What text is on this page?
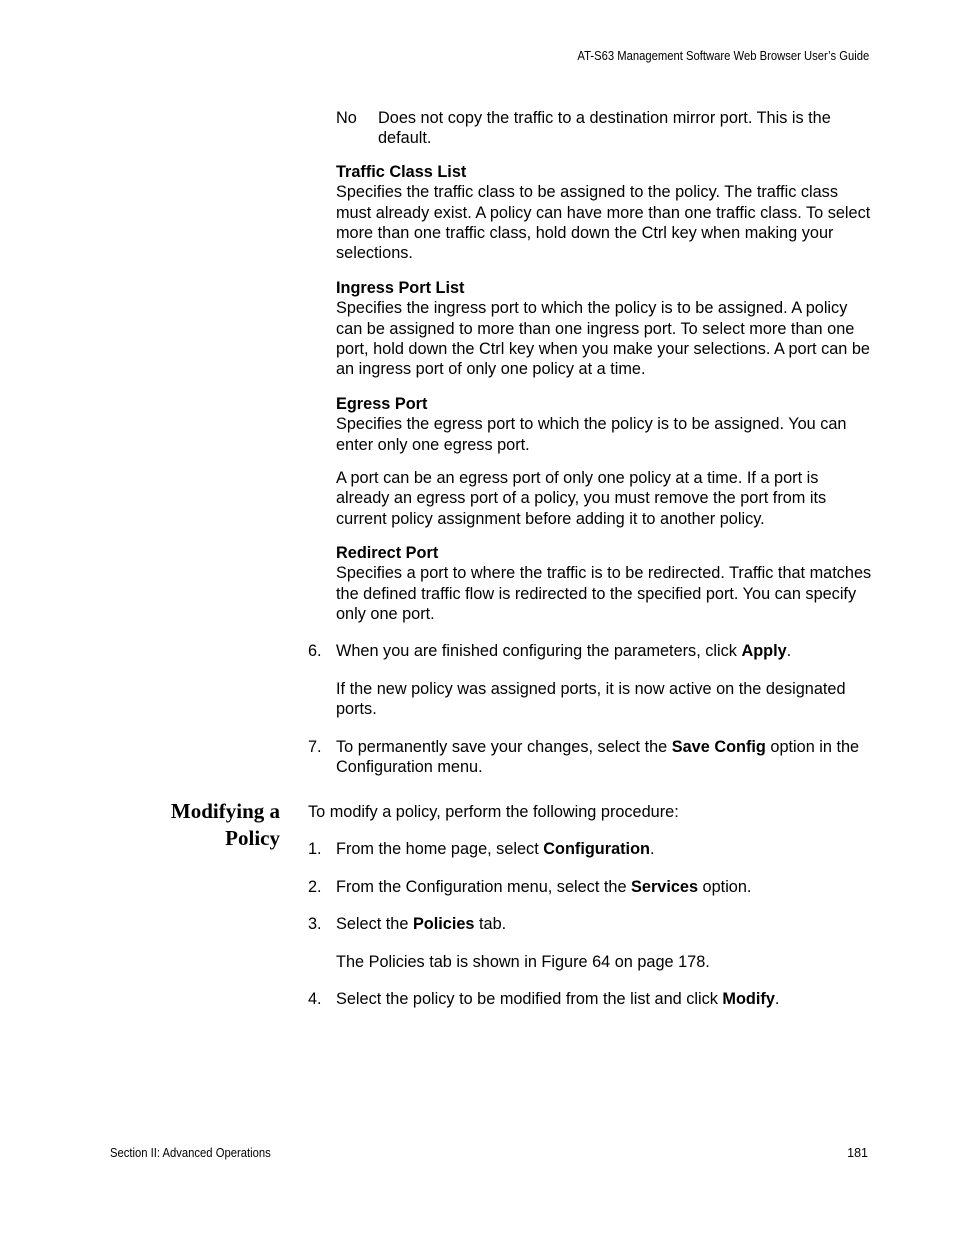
AT-S63 Management Software Web Browser User’s Guide
No Does not copy the traffic to a destination mirror port. This is the default.
Traffic Class List
Specifies the traffic class to be assigned to the policy. The traffic class must already exist. A policy can have more than one traffic class. To select more than one traffic class, hold down the Ctrl key when making your selections.
Ingress Port List
Specifies the ingress port to which the policy is to be assigned. A policy can be assigned to more than one ingress port. To select more than one port, hold down the Ctrl key when you make your selections. A port can be an ingress port of only one policy at a time.
Egress Port
Specifies the egress port to which the policy is to be assigned. You can enter only one egress port.
A port can be an egress port of only one policy at a time. If a port is already an egress port of a policy, you must remove the port from its current policy assignment before adding it to another policy.
Redirect Port
Specifies a port to where the traffic is to be redirected. Traffic that matches the defined traffic flow is redirected to the specified port. You can specify only one port.
6. When you are finished configuring the parameters, click Apply.
If the new policy was assigned ports, it is now active on the designated ports.
7. To permanently save your changes, select the Save Config option in the Configuration menu.
Modifying a
Policy
To modify a policy, perform the following procedure:
1. From the home page, select Configuration.
2. From the Configuration menu, select the Services option.
3. Select the Policies tab.
The Policies tab is shown in Figure 64 on page 178.
4. Select the policy to be modified from the list and click Modify.
Section II: Advanced Operations	181
